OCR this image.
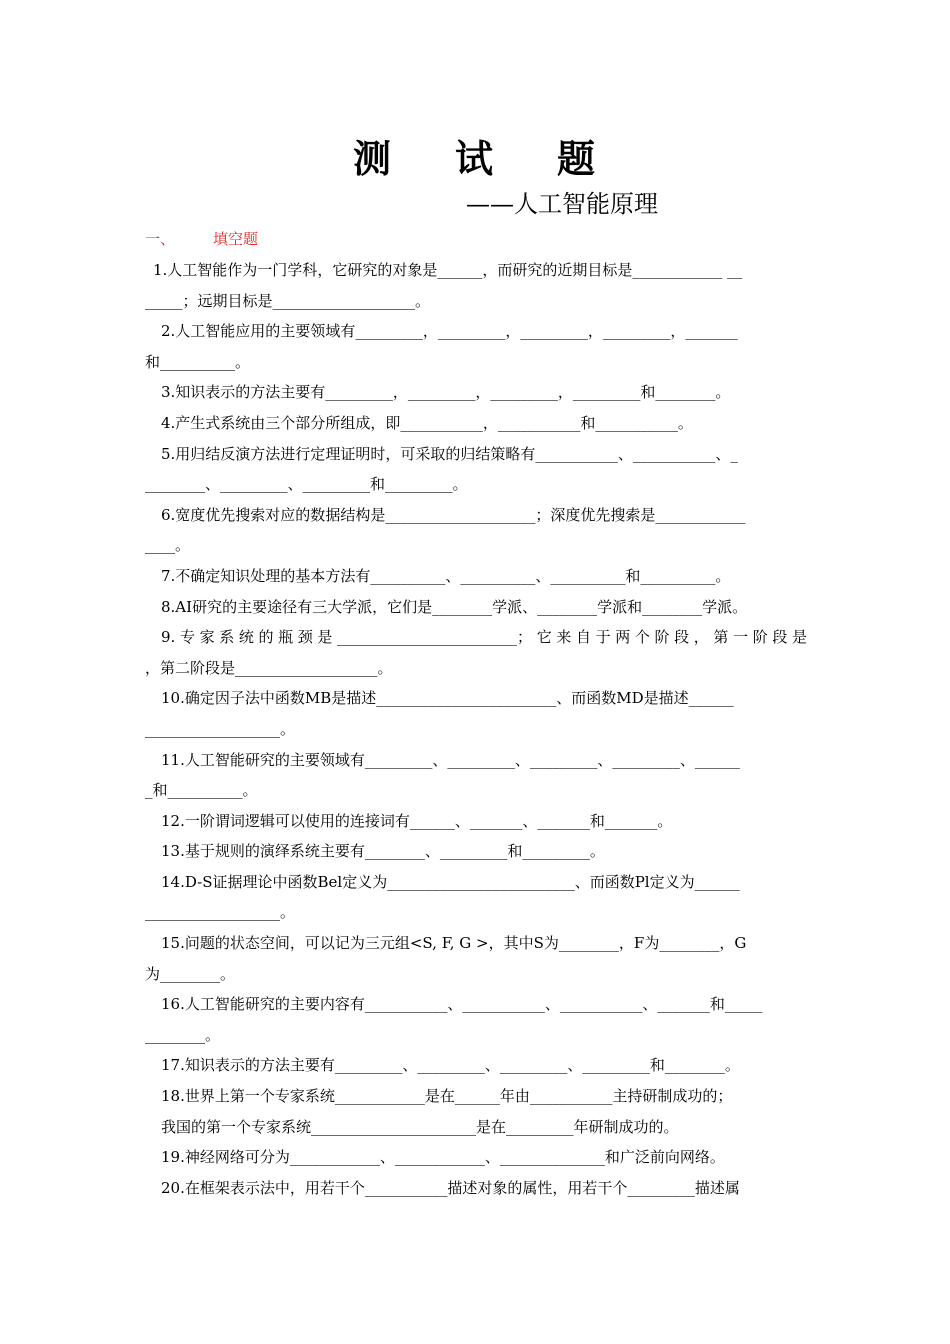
测 试 题
——人工智能原理
一、	填空题
1.人工智能作为一门学科，它研究的对象是______，而研究的近期目标是____________ __
_____；远期目标是___________________。
2.人工智能应用的主要领域有_________，_________，_________，_________，_______
和__________。
3.知识表示的方法主要有_________，_________，_________，_________和________。
4.产生式系统由三个部分所组成，即___________，___________和___________。
5.用归结反演方法进行定理证明时，可采取的归结策略有___________、___________、_
________、_________、_________和_________。
6.宽度优先搜索对应的数据结构是____________________；深度优先搜索是____________
____。
7.不确定知识处理的基本方法有__________、__________、__________和__________。
8.AI研究的主要途径有三大学派，它们是________学派、________学派和________学派。
9.专家系统的瓶颈是________________________；它来自于两个阶段，第一阶段是
，第二阶段是___________________。
10.确定因子法中函数MB是描述________________________、而函数MD是描述______
__________________。
11.人工智能研究的主要领域有_________、_________、_________、_________、______
_和__________。
12.一阶谓词逻辑可以使用的连接词有______、_______、_______和_______。
13.基于规则的演绎系统主要有________、_________和_________。
14.D-S证据理论中函数Bel定义为_________________________、而函数Pl定义为______
__________________。
15.问题的状态空间，可以记为三元组<S, F, G >，其中S为________，F为________，G
为________。
16.人工智能研究的主要内容有___________、___________、___________、_______和_____
________。
17.知识表示的方法主要有_________、_________、_________、_________和________。
18.世界上第一个专家系统____________是在______年由___________主持研制成功的；
我国的第一个专家系统______________________是在_________年研制成功的。
19.神经网络可分为____________、____________、______________和广泛前向网络。
20.在框架表示法中，用若干个___________描述对象的属性，用若干个_________描述属
